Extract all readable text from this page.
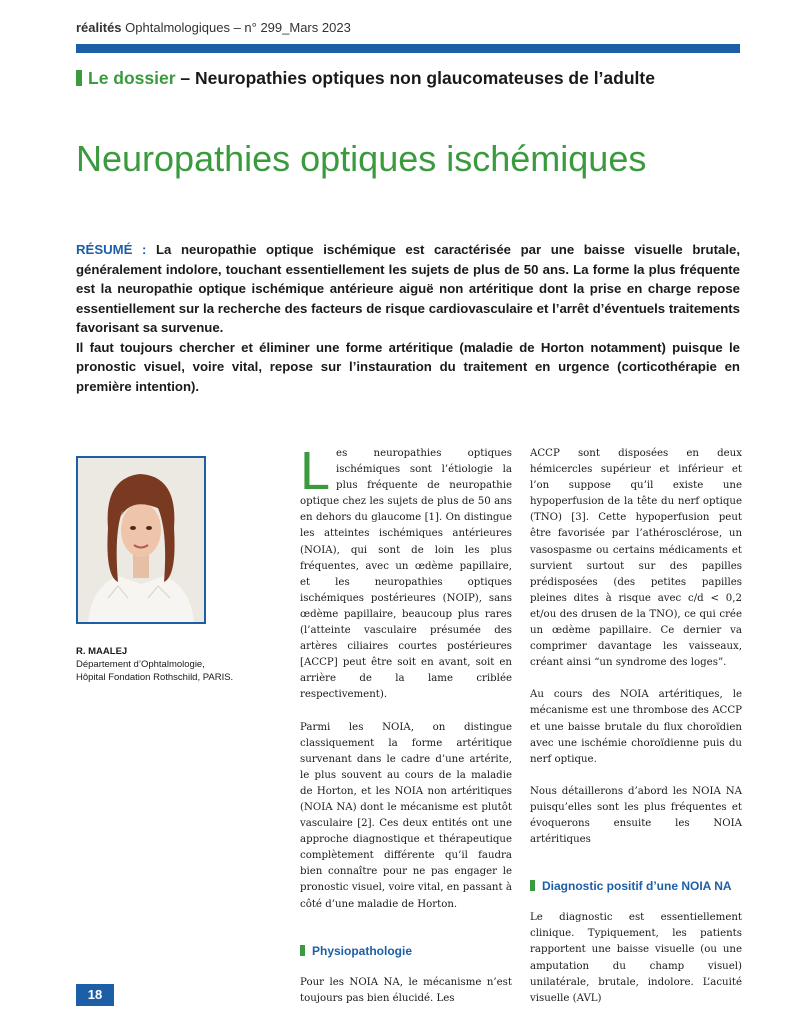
réalités Ophtalmologiques – n° 299_Mars 2023
Le dossier – Neuropathies optiques non glaucomateuses de l’adulte
Neuropathies optiques ischémiques

RÉSUMÉ : La neuropathie optique ischémique est caractérisée par une baisse visuelle brutale, généralement indolore, touchant essentiellement les sujets de plus de 50 ans. La forme la plus fréquente est la neuropathie optique ischémique antérieure aiguë non artéritique dont la prise en charge repose essentiellement sur la recherche des facteurs de risque cardiovasculaire et l’arrêt d’éventuels traitements favorisant sa survenue.

Il faut toujours chercher et éliminer une forme artéritique (maladie de Horton notamment) puisque le pronostic visuel, voire vital, repose sur l’instauration du traitement en urgence (corticothérapie en première intention).

R. MAALEJ
Département d’Ophtalmologie,
Hôpital Fondation Rothschild, PARIS.

Les neuropathies optiques ischémiques sont l’étiologie la plus fréquente de neuropathie optique chez les sujets de plus de 50 ans en dehors du glaucome [1]. On distingue les atteintes ischémiques antérieures (NOIA), qui sont de loin les plus fréquentes, avec un œdème papillaire, et les neuropathies optiques ischémiques postérieures (NOIP), sans œdème papillaire, beaucoup plus rares (l’atteinte vasculaire présumée des artères ciliaires courtes postérieures [ACCP] peut être soit en avant, soit en arrière de la lame criblée respectivement).

Parmi les NOIA, on distingue classiquement la forme artéritique survenant dans le cadre d’une artérite, le plus souvent au cours de la maladie de Horton, et les NOIA non artéritiques (NOIA NA) dont le mécanisme est plutôt vasculaire [2]. Ces deux entités ont une approche diagnostique et thérapeutique complètement différente qu’il faudra bien connaître pour ne pas engager le pronostic visuel, voire vital, en passant à côté d’une maladie de Horton.

Physiopathologie

Pour les NOIA NA, le mécanisme n’est toujours pas bien élucidé. Les

ACCP sont disposées en deux hémicercles supérieur et inférieur et l’on suppose qu’il existe une hypoperfusion de la tête du nerf optique (TNO) [3]. Cette hypoperfusion peut être favorisée par l’athérosclérose, un vasospasme ou certains médicaments et survient surtout sur des papilles prédisposées (des petites papilles pleines dites à risque avec c/d < 0,2 et/ou des drusen de la TNO), ce qui crée un œdème papillaire. Ce dernier va comprimer davantage les vaisseaux, créant ainsi “un syndrome des loges”.

Au cours des NOIA artéritiques, le mécanisme est une thrombose des ACCP et une baisse brutale du flux choroïdien avec une ischémie choroïdienne puis du nerf optique.

Nous détaillerons d’abord les NOIA NA puisqu’elles sont les plus fréquentes et évoquerons ensuite les NOIA artéritiques

Diagnostic positif d’une NOIA NA

Le diagnostic est essentiellement clinique. Typiquement, les patients rapportent une baisse visuelle (ou une amputation du champ visuel) unilatérale, brutale, indolore. L’acuité visuelle (AVL)

18
